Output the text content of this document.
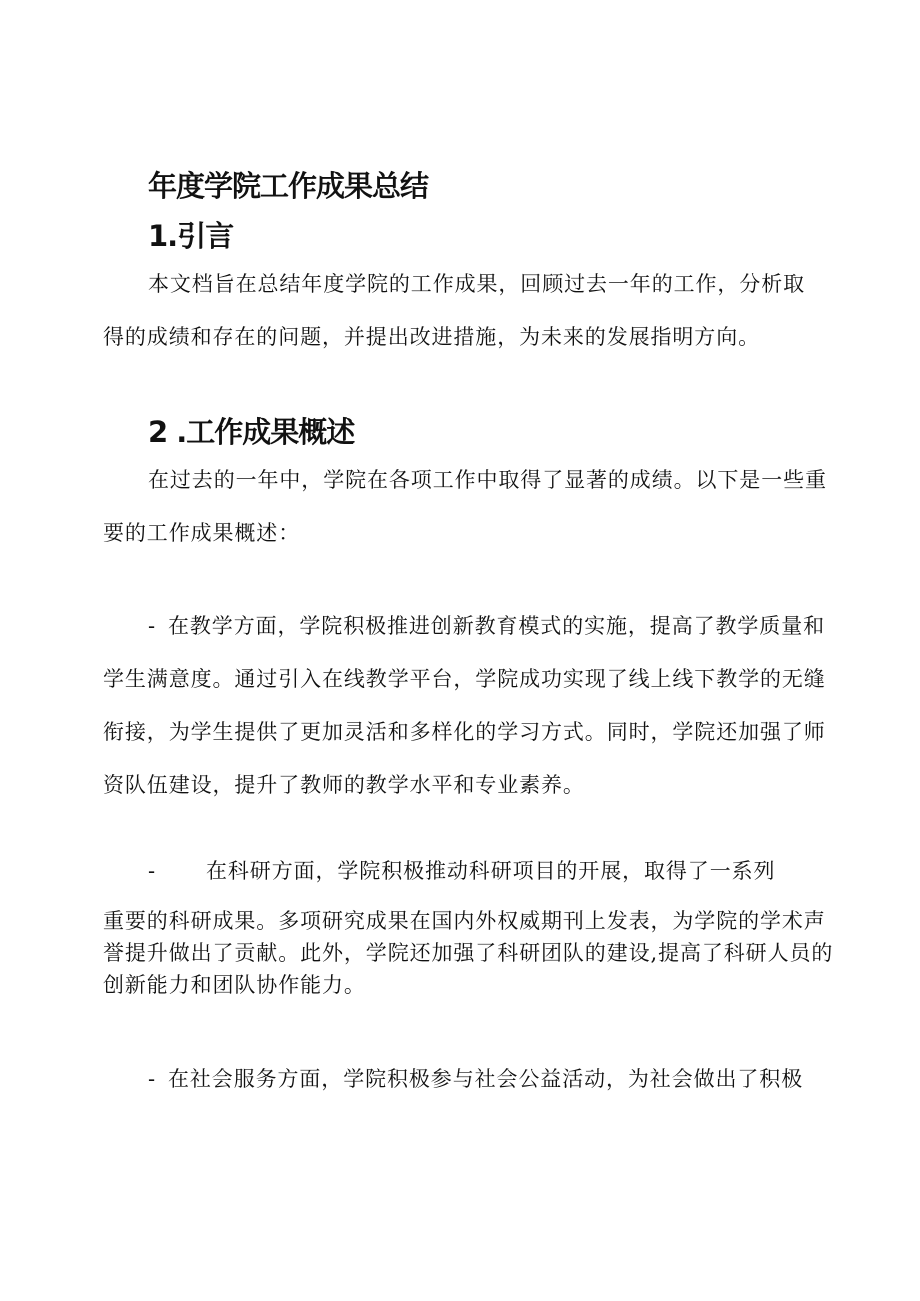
年度学院工作成果总结
1.引言
本文档旨在总结年度学院的工作成果，回顾过去一年的工作，分析取
得的成绩和存在的问题，并提出改进措施，为未来的发展指明方向。
2 .工作成果概述
在过去的一年中，学院在各项工作中取得了显著的成绩。以下是一些重
要的工作成果概述：
- 在教学方面，学院积极推进创新教育模式的实施，提高了教学质量和
学生满意度。通过引入在线教学平台，学院成功实现了线上线下教学的无缝
衔接，为学生提供了更加灵活和多样化的学习方式。同时，学院还加强了师
资队伍建设，提升了教师的教学水平和专业素养。
- 在科研方面，学院积极推动科研项目的开展，取得了一系列
重要的科研成果。多项研究成果在国内外权威期刊上发表，为学院的学术声
誉提升做出了贡献。此外，学院还加强了科研团队的建设,提高了科研人员的
创新能力和团队协作能力。
- 在社会服务方面，学院积极参与社会公益活动，为社会做出了积极
